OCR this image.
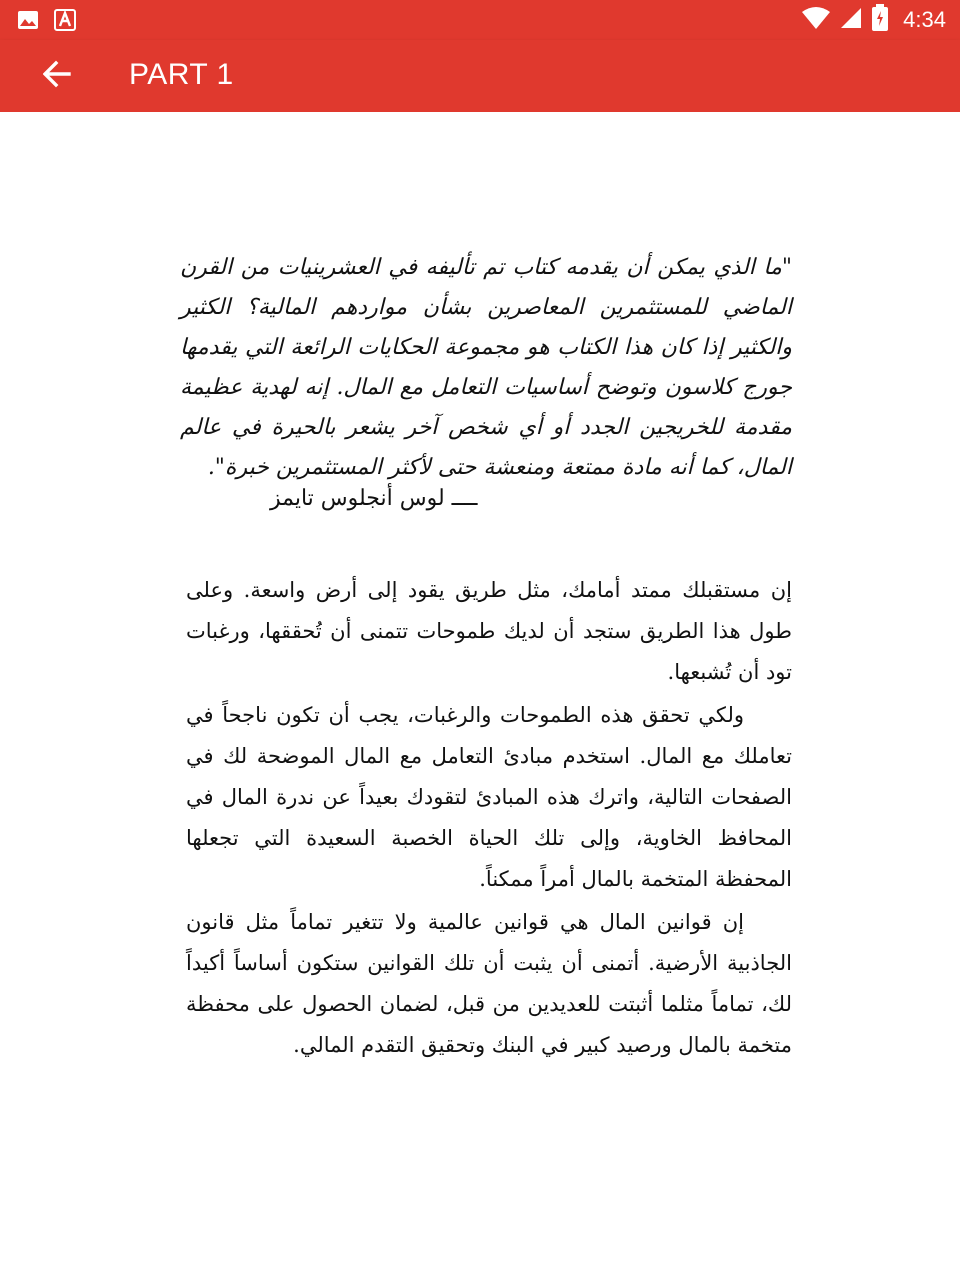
4:34
PART 1
"ما الذي يمكن أن يقدمه كتاب تم تأليفه في العشرينيات من القرن الماضي للمستثمرين المعاصرين بشأن مواردهم المالية؟ الكثير والكثير إذا كان هذا الكتاب هو مجموعة الحكايات الرائعة التي يقدمها جورج كلاسون وتوضح أساسيات التعامل مع المال. إنه لهدية عظيمة مقدمة للخريجين الجدد أو أي شخص آخر يشعر بالحيرة في عالم المال، كما أنه مادة ممتعة ومنعشة حتى لأكثر المستثمرين خبرة".
ــــ لوس أنجلوس تايمز

إن مستقبلك ممتد أمامك، مثل طريق يقود إلى أرض واسعة. وعلى طول هذا الطريق ستجد أن لديك طموحات تتمنى أن تُحققها، ورغبات تود أن تُشبعها.

ولكي تحقق هذه الطموحات والرغبات، يجب أن تكون ناجحاً في تعاملك مع المال. استخدم مبادئ التعامل مع المال الموضحة لك في الصفحات التالية، واترك هذه المبادئ لتقودك بعيداً عن ندرة المال في المحافظ الخاوية، وإلى تلك الحياة الخصبة السعيدة التي تجعلها المحفظة المتخمة بالمال أمراً ممكناً.

إن قوانين المال هي قوانين عالمية ولا تتغير تماماً مثل قانون الجاذبية الأرضية. أتمنى أن يثبت أن تلك القوانين ستكون أساساً أكيداً لك، تماماً مثلما أثبتت للعديدين من قبل، لضمان الحصول على محفظة متخمة بالمال ورصيد كبير في البنك وتحقيق التقدم المالي.
